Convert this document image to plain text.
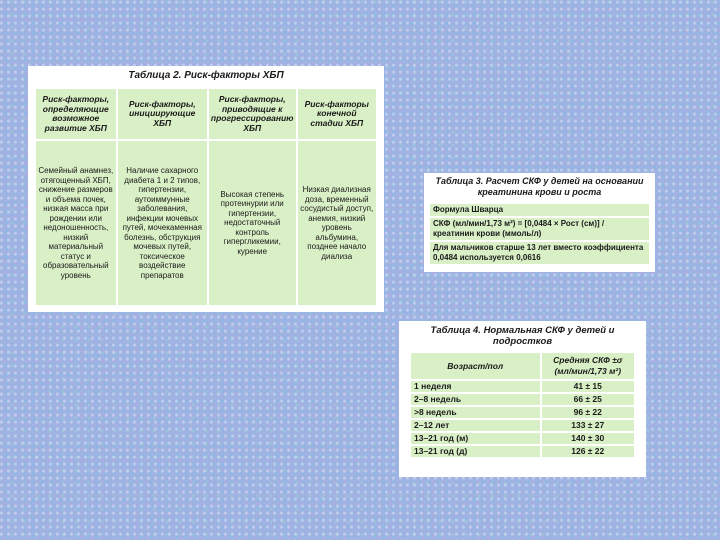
Таблица 2. Риск-факторы ХБП
Риск-факторы, определяющие возможное развитие ХБП	Риск-факторы, инициирующие ХБП	Риск-факторы, приводящие к прогрессированию ХБП	Риск-факторы конечной стадии ХБП
Семейный анамнез, отягощенный ХБП, снижение размеров и объема почек, низкая масса при рождении или недоношенность, низкий материальный статус и образовательный уровень	Наличие сахарного диабета 1 и 2 типов, гипертензии, аутоиммунные заболевания, инфекции мочевых путей, мочекаменная болезнь, обструкция мочевых путей, токсическое воздействие препаратов	Высокая степень протеинурии или гипертензии, недостаточный контроль гипергликемии, курение	Низкая диализная доза, временный сосудистый доступ, анемия, низкий уровень альбумина, позднее начало диализа
Таблица 3. Расчет СКФ у детей на основании креатинина крови и роста
Формула Шварца
СКФ (мл/мин/1,73 м²) = [0,0484 × Рост (см)] / креатинин крови (ммоль/л)
Для мальчиков старше 13 лет вместо коэффициента 0,0484 используется 0,0616
Таблица 4. Нормальная СКФ у детей и подростков
Возраст/пол	Средняя СКФ ±σ (мл/мин/1,73 м²)
1 неделя	41 ± 15
2–8 недель	66 ± 25
>8 недель	96 ± 22
2–12 лет	133 ± 27
13–21 год (м)	140 ± 30
13–21 год (д)	126 ± 22
